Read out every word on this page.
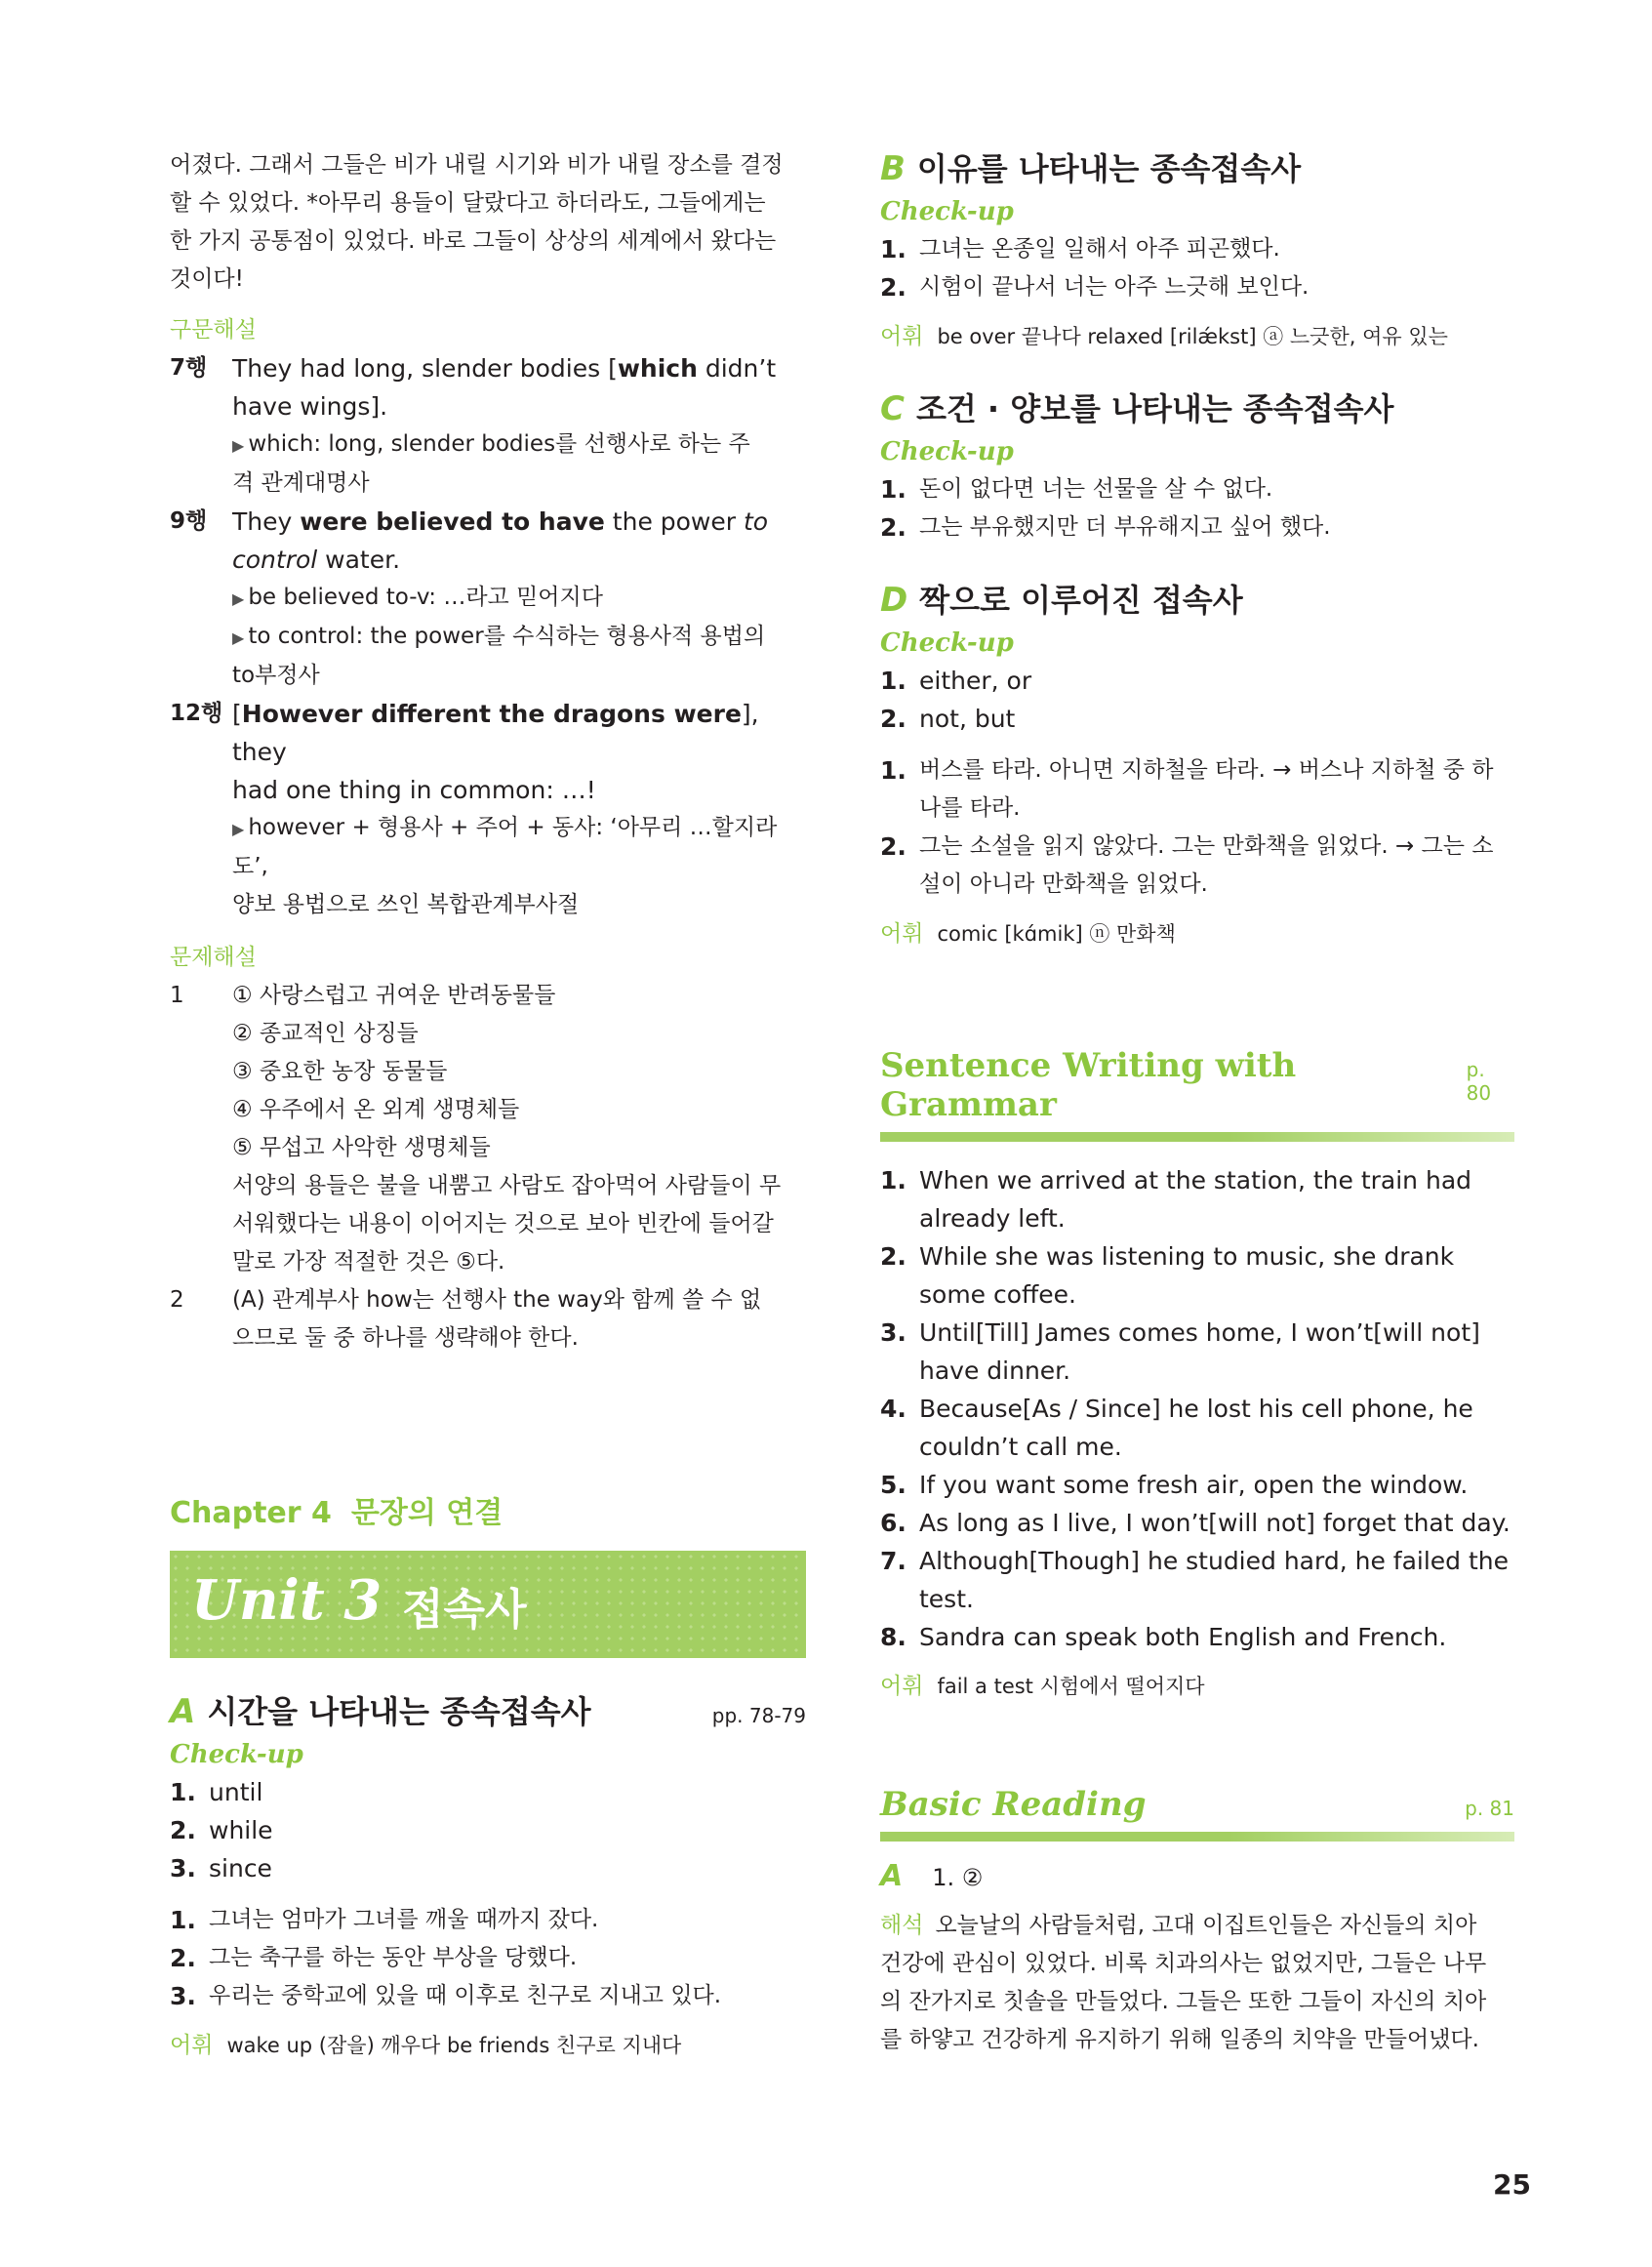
어졌다. 그래서 그들은 비가 내릴 시기와 비가 내릴 장소를 결정

할 수 있었다. *아무리 용들이 달랐다고 하더라도, 그들에게는

한 가지 공통점이 있었다. 바로 그들이 상상의 세계에서 왔다는

것이다!

구문해설

7행	They had long, slender bodies [which didn’t
have wings].
▶ which: long, slender bodies를 선행사로 하는 주
격 관계대명사
9행	They were believed to have the power to
control water.
▶ be believed to-v: …라고 믿어지다
▶ to control: the power를 수식하는 형용사적 용법의
to부정사
12행 [However different the dragons were], they
had one thing in common: …!
▶ however + 형용사 + 주어 + 동사: ‘아무리 …할지라도’,
양보 용법으로 쓰인 복합관계부사절

문제해설

1	① 사랑스럽고 귀여운 반려동물들
② 종교적인 상징들
③ 중요한 농장 동물들
④ 우주에서 온 외계 생명체들
⑤ 무섭고 사악한 생명체들
서양의 용들은 불을 내뿜고 사람도 잡아먹어 사람들이 무
서워했다는 내용이 이어지는 것으로 보아 빈칸에 들어갈
말로 가장 적절한 것은 ⑤다.
2	(A) 관계부사 how는 선행사 the way와 함께 쓸 수 없
으므로 둘 중 하나를 생략해야 한다.
Chapter 4 문장의 연결
Unit 3 접속사
A 시간을 나타내는 종속접속사	pp. 78-79

Check-up

1. until
2. while
3. since
1. 그녀는 엄마가 그녀를 깨울 때까지 잤다.
2. 그는 축구를 하는 동안 부상을 당했다.
3. 우리는 중학교에 있을 때 이후로 친구로 지내고 있다.
어휘 wake up (잠을) 깨우다 be friends 친구로 지내다
B 이유를 나타내는 종속접속사

Check-up

1. 그녀는 온종일 일해서 아주 피곤했다.
2. 시험이 끝나서 너는 아주 느긋해 보인다.
어휘 be over 끝나다 relaxed [rilǽkst] ⓐ 느긋한, 여유 있는
C 조건 · 양보를 나타내는 종속접속사

Check-up

1. 돈이 없다면 너는 선물을 살 수 없다.
2. 그는 부유했지만 더 부유해지고 싶어 했다.
D 짝으로 이루어진 접속사

Check-up

1. either, or
2. not, but
1. 버스를 타라. 아니면 지하철을 타라. → 버스나 지하철 중 하
나를 타라.
2. 그는 소설을 읽지 않았다. 그는 만화책을 읽었다. → 그는 소
설이 아니라 만화책을 읽었다.
어휘 comic [kɑ́mik] ⓝ 만화책
Sentence Writing with Grammar
p. 80
1. When we arrived at the station, the train had
already left.
2. While she was listening to music, she drank
some coffee.
3. Until[Till] James comes home, I won’t[will not]
have dinner.
4. Because[As / Since] he lost his cell phone, he
couldn’t call me.
5. If you want some fresh air, open the window.
6. As long as I live, I won’t[will not] forget that day.
7. Although[Though] he studied hard, he failed the
test.
8. Sandra can speak both English and French.
어휘 fail a test 시험에서 떨어지다
Basic Reading	p. 81
A 1. ②

해석 오늘날의 사람들처럼, 고대 이집트인들은 자신들의 치아

건강에 관심이 있었다. 비록 치과의사는 없었지만, 그들은 나무

의 잔가지로 칫솔을 만들었다. 그들은 또한 그들이 자신의 치아

를 하얗고 건강하게 유지하기 위해 일종의 치약을 만들어냈다.

25
